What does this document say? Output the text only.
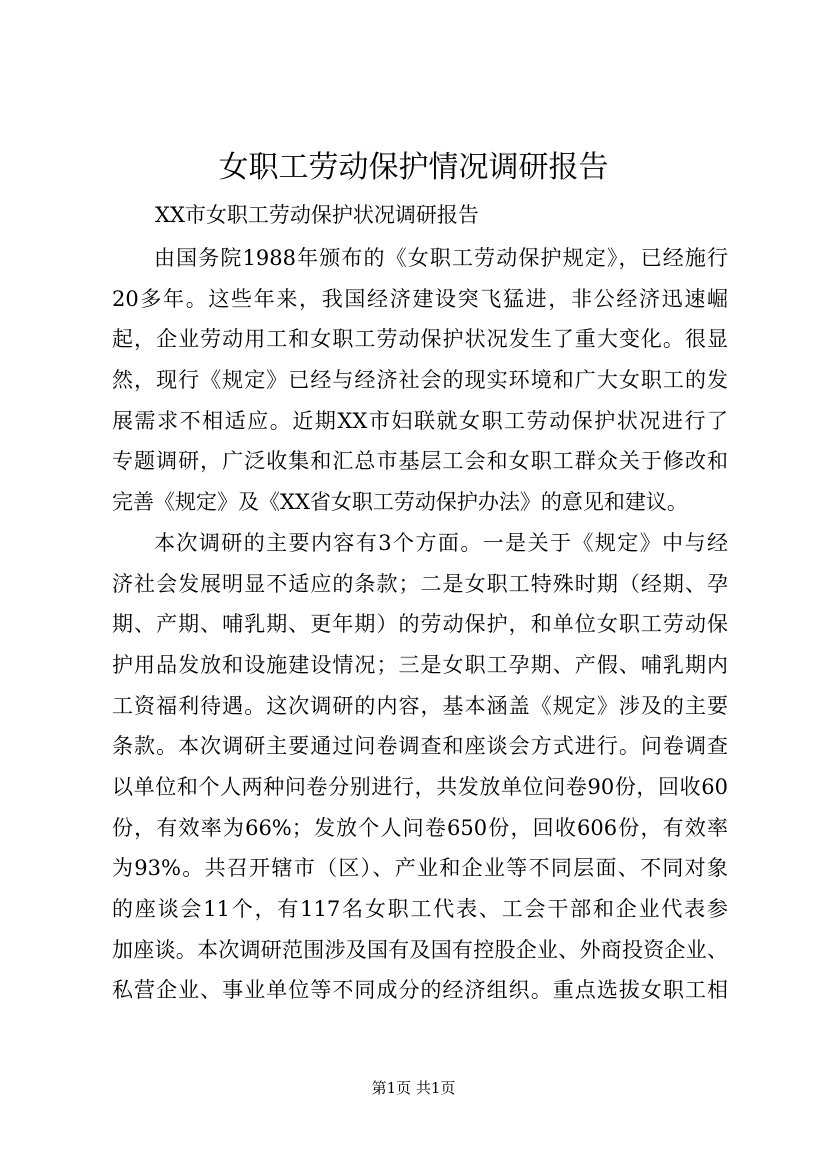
女职工劳动保护情况调研报告

XX市女职工劳动保护状况调研报告

由国务院1988年颁布的《女职工劳动保护规定》，已经施行
20多年。这些年来，我国经济建设突飞猛进，非公经济迅速崛
起，企业劳动用工和女职工劳动保护状况发生了重大变化。很显
然，现行《规定》已经与经济社会的现实环境和广大女职工的发
展需求不相适应。近期XX市妇联就女职工劳动保护状况进行了
专题调研，广泛收集和汇总市基层工会和女职工群众关于修改和
完善《规定》及《XX省女职工劳动保护办法》的意见和建议。

本次调研的主要内容有3个方面。一是关于《规定》中与经
济社会发展明显不适应的条款；二是女职工特殊时期（经期、孕
期、产期、哺乳期、更年期）的劳动保护，和单位女职工劳动保
护用品发放和设施建设情况；三是女职工孕期、产假、哺乳期内
工资福利待遇。这次调研的内容，基本涵盖《规定》涉及的主要
条款。本次调研主要通过问卷调查和座谈会方式进行。问卷调查
以单位和个人两种问卷分别进行，共发放单位问卷90份，回收60
份，有效率为66%；发放个人问卷650份，回收606份，有效率
为93%。共召开辖市（区）、产业和企业等不同层面、不同对象
的座谈会11个，有117名女职工代表、工会干部和企业代表参
加座谈。本次调研范围涉及国有及国有控股企业、外商投资企业、
私营企业、事业单位等不同成分的经济组织。重点选拔女职工相

第1页 共1页
